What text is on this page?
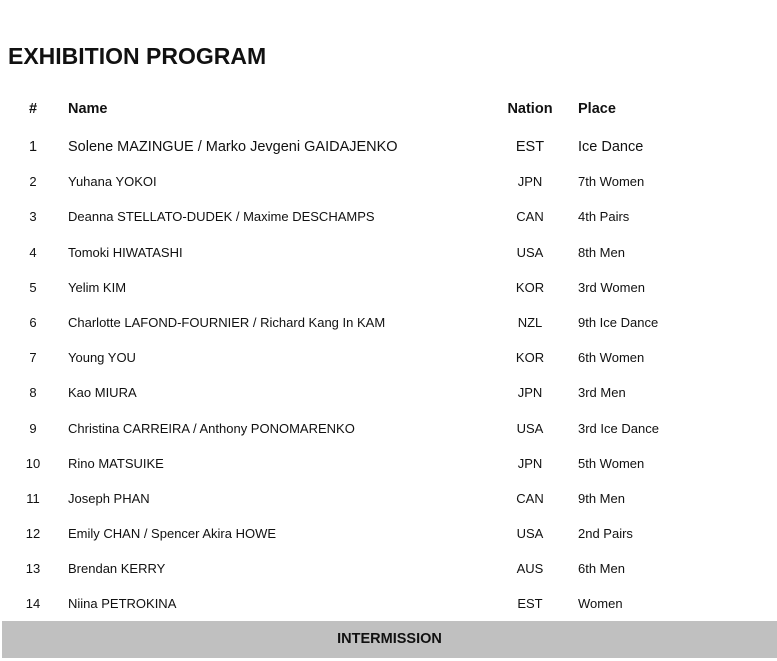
EXHIBITION PROGRAM
#	Name	Nation	Place
1	Solene MAZINGUE / Marko Jevgeni GAIDAJENKO	EST	Ice Dance
2	Yuhana YOKOI	JPN	7th Women
3	Deanna STELLATO-DUDEK / Maxime DESCHAMPS	CAN	4th Pairs
4	Tomoki HIWATASHI	USA	8th Men
5	Yelim KIM	KOR	3rd Women
6	Charlotte LAFOND-FOURNIER / Richard Kang In KAM	NZL	9th Ice Dance
7	Young YOU	KOR	6th Women
8	Kao MIURA	JPN	3rd Men
9	Christina CARREIRA / Anthony PONOMARENKO	USA	3rd Ice Dance
10	Rino MATSUIKE	JPN	5th Women
11	Joseph PHAN	CAN	9th Men
12	Emily CHAN / Spencer Akira HOWE	USA	2nd Pairs
13	Brendan KERRY	AUS	6th Men
14	Niina PETROKINA	EST	Women
INTERMISSION
